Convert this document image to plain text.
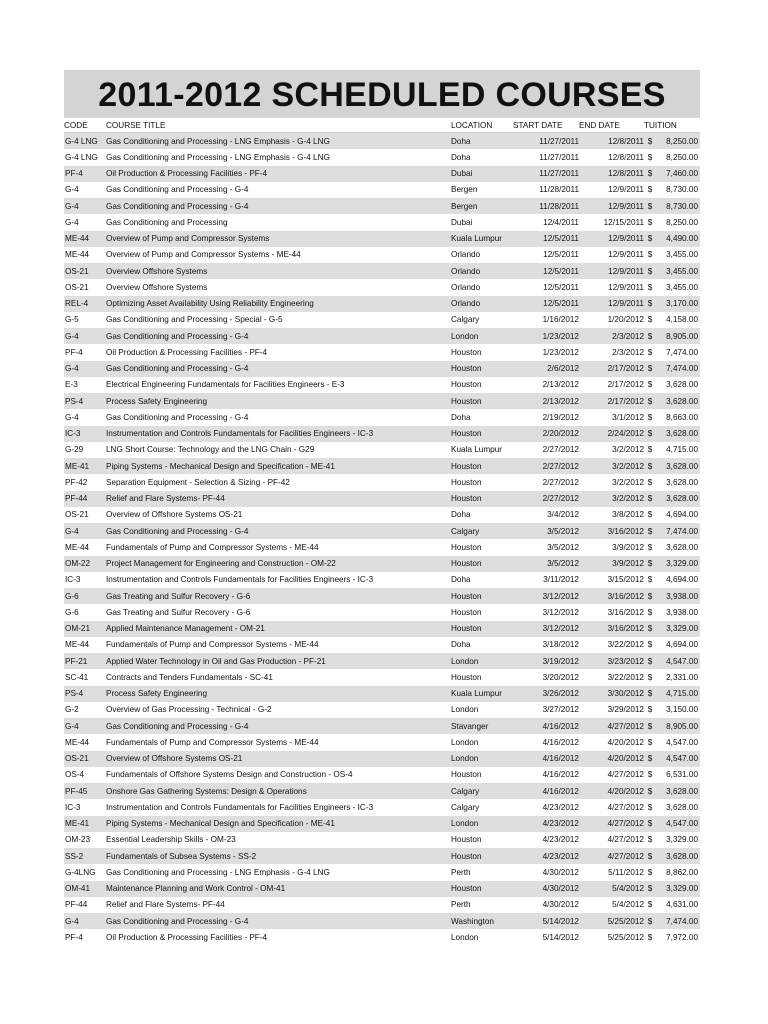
2011-2012 SCHEDULED COURSES
CODE	COURSE TITLE	LOCATION	START DATE	END DATE	TUITION	
G-4 LNG	Gas Conditioning and Processing - LNG Emphasis - G-4 LNG	Doha	11/27/2011	12/8/2011	$	8,250.00
G-4 LNG	Gas Conditioning and Processing - LNG Emphasis - G-4 LNG	Doha	11/27/2011	12/8/2011	$	8,250.00
PF-4	Oil Production & Processing Facilities - PF-4	Dubai	11/27/2011	12/8/2011	$	7,460.00
G-4	Gas Conditioning and Processing - G-4	Bergen	11/28/2011	12/9/2011	$	8,730.00
G-4	Gas Conditioning and Processing - G-4	Bergen	11/28/2011	12/9/2011	$	8,730.00
G-4	Gas Conditioning and Processing	Dubai	12/4/2011	12/15/2011	$	8,250.00
ME-44	Overview of Pump and Compressor Systems	Kuala Lumpur	12/5/2011	12/9/2011	$	4,490.00
ME-44	Overview of Pump and Compressor Systems - ME-44	Orlando	12/5/2011	12/9/2011	$	3,455.00
OS-21	Overview Offshore Systems	Orlando	12/5/2011	12/9/2011	$	3,455.00
OS-21	Overview Offshore Systems	Orlando	12/5/2011	12/9/2011	$	3,455.00
REL-4	Optimizing Asset Availability Using Reliability Engineering	Orlando	12/5/2011	12/9/2011	$	3,170.00
G-5	Gas Conditioning and Processing - Special - G-5	Calgary	1/16/2012	1/20/2012	$	4,158.00
G-4	Gas Conditioning and Processing - G-4	London	1/23/2012	2/3/2012	$	8,905.00
PF-4	Oil Production & Processing Facilities - PF-4	Houston	1/23/2012	2/3/2012	$	7,474.00
G-4	Gas Conditioning and Processing - G-4	Houston	2/6/2012	2/17/2012	$	7,474.00
E-3	Electrical Engineering Fundamentals for Facilities Engineers - E-3	Houston	2/13/2012	2/17/2012	$	3,628.00
PS-4	Process Safety Engineering	Houston	2/13/2012	2/17/2012	$	3,628.00
G-4	Gas Conditioning and Processing - G-4	Doha	2/19/2012	3/1/2012	$	8,663.00
IC-3	Instrumentation and Controls Fundamentals for Facilities Engineers - IC-3	Houston	2/20/2012	2/24/2012	$	3,628.00
G-29	LNG Short Course: Technology and the LNG Chain - G29	Kuala Lumpur	2/27/2012	3/2/2012	$	4,715.00
ME-41	Piping Systems - Mechanical Design and Specification - ME-41	Houston	2/27/2012	3/2/2012	$	3,628.00
PF-42	Separation Equipment - Selection & Sizing - PF-42	Houston	2/27/2012	3/2/2012	$	3,628.00
PF-44	Relief and Flare Systems- PF-44	Houston	2/27/2012	3/2/2012	$	3,628.00
OS-21	Overview of Offshore Systems OS-21	Doha	3/4/2012	3/8/2012	$	4,694.00
G-4	Gas Conditioning and Processing - G-4	Calgary	3/5/2012	3/16/2012	$	7,474.00
ME-44	Fundamentals of Pump and Compressor Systems - ME-44	Houston	3/5/2012	3/9/2012	$	3,628.00
OM-22	Project Management for Engineering and Construction - OM-22	Houston	3/5/2012	3/9/2012	$	3,329.00
IC-3	Instrumentation and Controls Fundamentals for Facilities Engineers - IC-3	Doha	3/11/2012	3/15/2012	$	4,694.00
G-6	Gas Treating and Sulfur Recovery - G-6	Houston	3/12/2012	3/16/2012	$	3,938.00
G-6	Gas Treating and Sulfur Recovery - G-6	Houston	3/12/2012	3/16/2012	$	3,938.00
OM-21	Applied Maintenance Management - OM-21	Houston	3/12/2012	3/16/2012	$	3,329.00
ME-44	Fundamentals of Pump and Compressor Systems - ME-44	Doha	3/18/2012	3/22/2012	$	4,694.00
PF-21	Applied Water Technology in Oil and Gas Production - PF-21	London	3/19/2012	3/23/2012	$	4,547.00
SC-41	Contracts and Tenders Fundamentals - SC-41	Houston	3/20/2012	3/22/2012	$	2,331.00
PS-4	Process Safety Engineering	Kuala Lumpur	3/26/2012	3/30/2012	$	4,715.00
G-2	Overview of Gas Processing - Technical - G-2	London	3/27/2012	3/29/2012	$	3,150.00
G-4	Gas Conditioning and Processing - G-4	Stavanger	4/16/2012	4/27/2012	$	8,905.00
ME-44	Fundamentals of Pump and Compressor Systems - ME-44	London	4/16/2012	4/20/2012	$	4,547.00
OS-21	Overview of Offshore Systems OS-21	London	4/16/2012	4/20/2012	$	4,547.00
OS-4	Fundamentals of Offshore Systems Design and Construction - OS-4	Houston	4/16/2012	4/27/2012	$	6,531.00
PF-45	Onshore Gas Gathering Systems: Design & Operations	Calgary	4/16/2012	4/20/2012	$	3,628.00
IC-3	Instrumentation and Controls Fundamentals for Facilities Engineers - IC-3	Calgary	4/23/2012	4/27/2012	$	3,628.00
ME-41	Piping Systems - Mechanical Design and Specification - ME-41	London	4/23/2012	4/27/2012	$	4,547.00
OM-23	Essential Leadership Skills - OM-23	Houston	4/23/2012	4/27/2012	$	3,329.00
SS-2	Fundamentals of Subsea Systems - SS-2	Houston	4/23/2012	4/27/2012	$	3,628.00
G-4LNG	Gas Conditioning and Processing - LNG Emphasis - G-4 LNG	Perth	4/30/2012	5/11/2012	$	8,862.00
OM-41	Maintenance Planning and Work Control - OM-41	Houston	4/30/2012	5/4/2012	$	3,329.00
PF-44	Relief and Flare Systems- PF-44	Perth	4/30/2012	5/4/2012	$	4,631.00
G-4	Gas Conditioning and Processing - G-4	Washington	5/14/2012	5/25/2012	$	7,474.00
PF-4	Oil Production & Processing Facilities - PF-4	London	5/14/2012	5/25/2012	$	7,972.00
